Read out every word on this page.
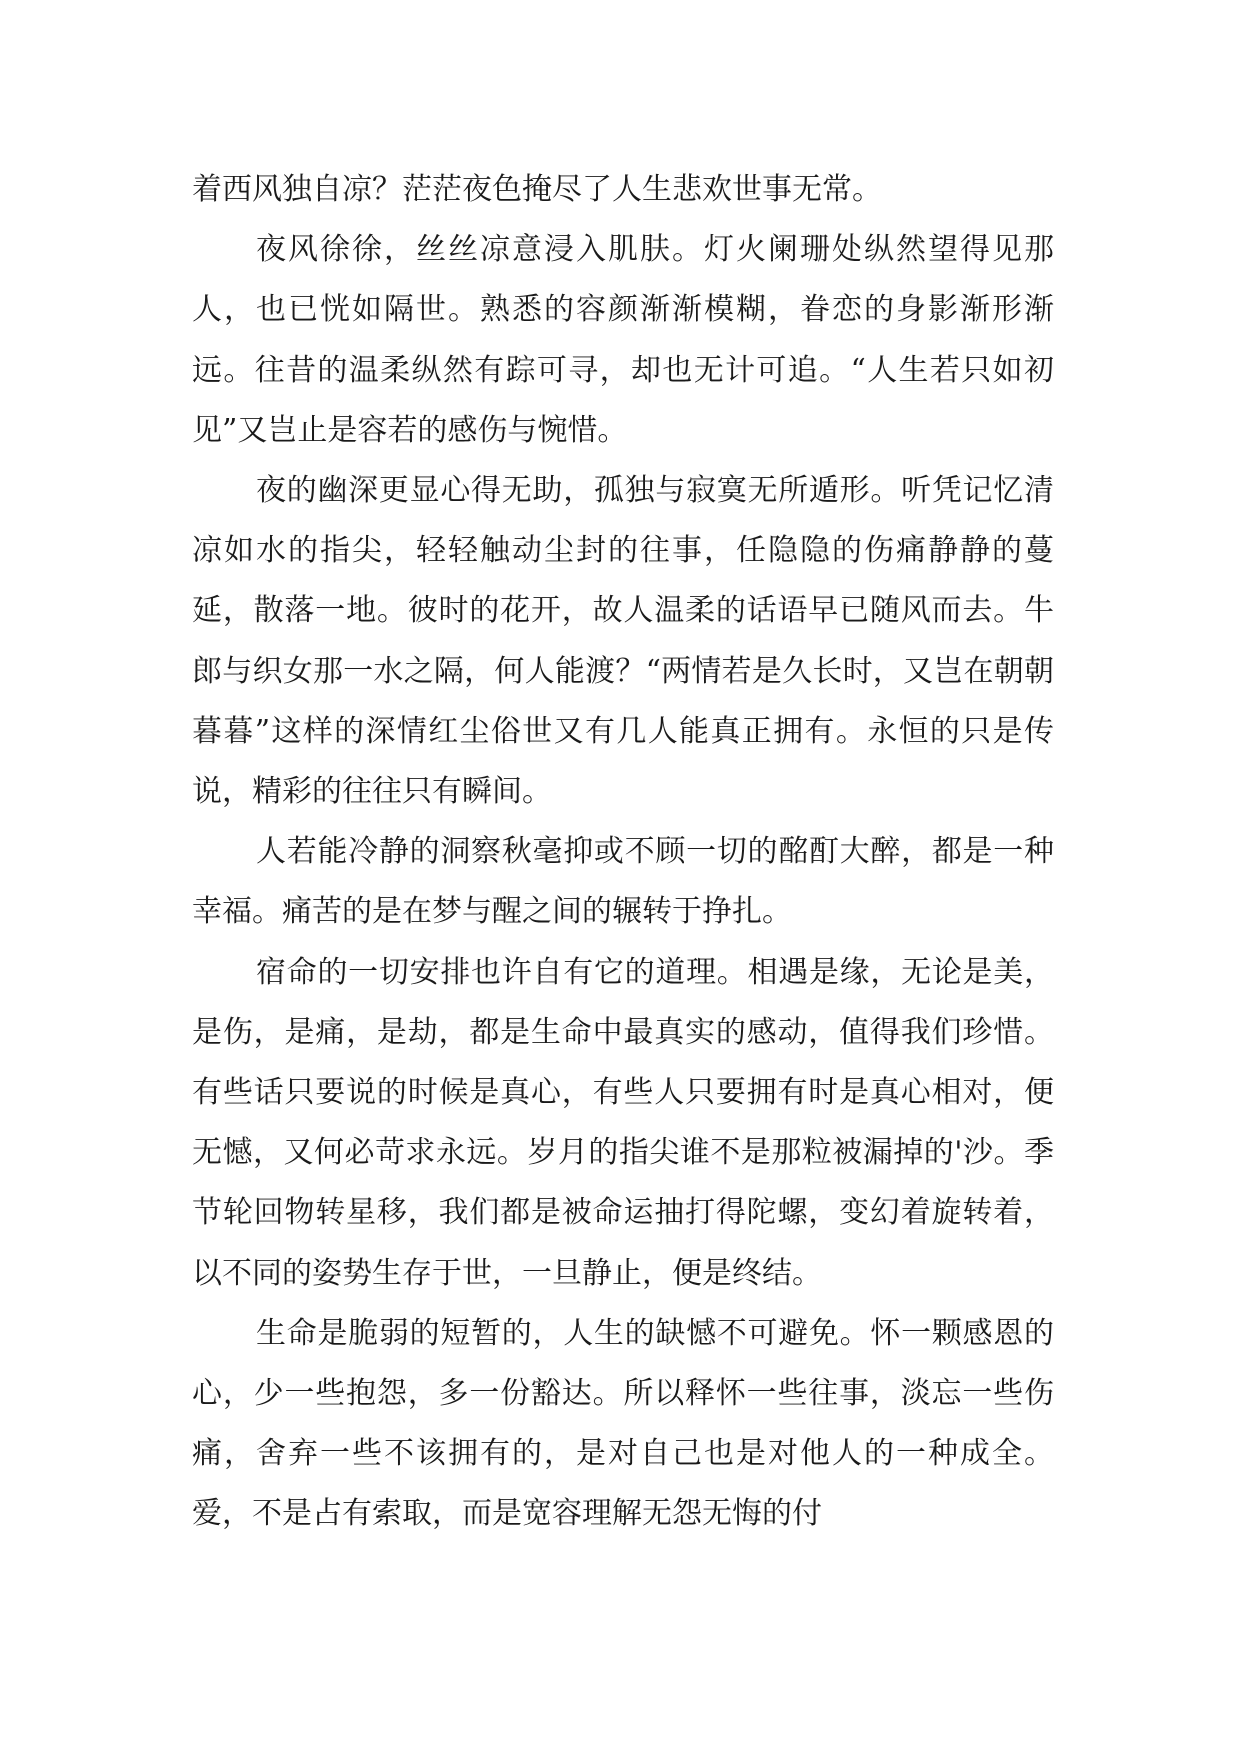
着西风独自凉？茫茫夜色掩尽了人生悲欢世事无常。

夜风徐徐，丝丝凉意浸入肌肤。灯火阑珊处纵然望得见那人，也已恍如隔世。熟悉的容颜渐渐模糊，眷恋的身影渐形渐远。往昔的温柔纵然有踪可寻，却也无计可追。“人生若只如初见”又岂止是容若的感伤与惋惜。

夜的幽深更显心得无助，孤独与寂寞无所遁形。听凭记忆清凉如水的指尖，轻轻触动尘封的往事，任隐隐的伤痛静静的蔓延，散落一地。彼时的花开，故人温柔的话语早已随风而去。牛郎与织女那一水之隔，何人能渡？“两情若是久长时，又岂在朝朝暮暮”这样的深情红尘俗世又有几人能真正拥有。永恒的只是传说，精彩的往往只有瞬间。

人若能冷静的洞察秋毫抑或不顾一切的酩酊大醉，都是一种幸福。痛苦的是在梦与醒之间的辗转于挣扎。

宿命的一切安排也许自有它的道理。相遇是缘，无论是美，是伤，是痛，是劫，都是生命中最真实的感动，值得我们珍惜。有些话只要说的时候是真心，有些人只要拥有时是真心相对，便无憾，又何必苛求永远。岁月的指尖谁不是那粒被漏掉的'沙。季节轮回物转星移，我们都是被命运抽打得陀螺，变幻着旋转着，以不同的姿势生存于世，一旦静止，便是终结。

生命是脆弱的短暂的，人生的缺憾不可避免。怀一颗感恩的心，少一些抱怨，多一份豁达。所以释怀一些往事，淡忘一些伤痛，舍弃一些不该拥有的，是对自己也是对他人的一种成全。爱，不是占有索取，而是宽容理解无怨无悔的付
